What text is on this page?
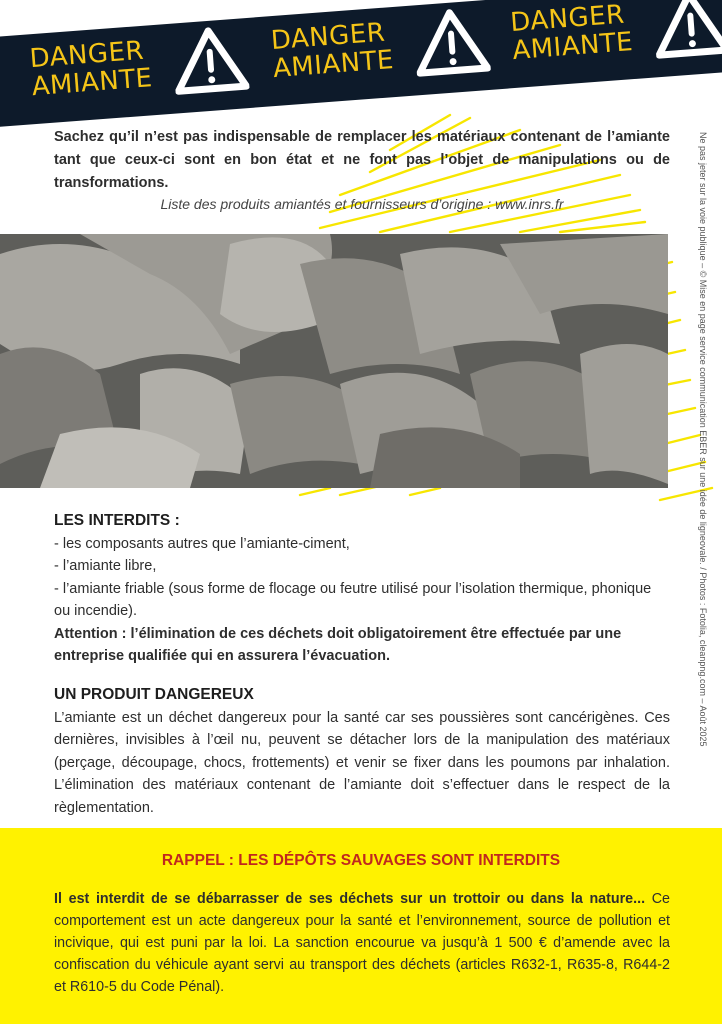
DANGER
AMIANTE
DANGER
AMIANTE
DANGER
AMIANTE
Sachez qu’il n’est pas indispensable de remplacer les matériaux contenant de l’amiante tant que ceux-ci sont en bon état et ne font pas l’objet de manipulations ou de transformations.
Liste des produits amiantés et fournisseurs d’origine : www.inrs.fr	Ne pas jeter sur la voie publique – © Mise en page service communication EBER sur une idée de ligneovale. / Photos : Fotolia, cleanpng.com – Août 2025
LES INTERDITS :

- les composants autres que l’amiante-ciment,

- l’amiante libre,

- l’amiante friable (sous forme de flocage ou feutre utilisé pour l’isolation thermique, phonique ou incendie).

Attention : l’élimination de ces déchets doit obligatoirement être effectuée par une entreprise qualifiée qui en assurera l’évacuation.

UN PRODUIT DANGEREUX

L’amiante est un déchet dangereux pour la santé car ses poussières sont cancérigènes. Ces dernières, invisibles à l’œil nu, peuvent se détacher lors de la manipulation des matériaux (perçage, découpage, chocs, frottements) et venir se fixer dans les poumons par inhalation. L’élimination des matériaux contenant de l’amiante doit s’effectuer dans le respect de la règlementation.

RAPPEL : LES DÉPÔTS SAUVAGES SONT INTERDITS
Il est interdit de se débarrasser de ses déchets sur un trottoir ou dans la nature... Ce comportement est un acte dangereux pour la santé et l’environnement, source de pollution et incivique, qui est puni par la loi. La sanction encourue va jusqu’à 1 500 € d’amende avec la confiscation du véhicule ayant servi au transport des déchets (articles R632-1, R635-8, R644-2 et R610-5 du Code Pénal).
